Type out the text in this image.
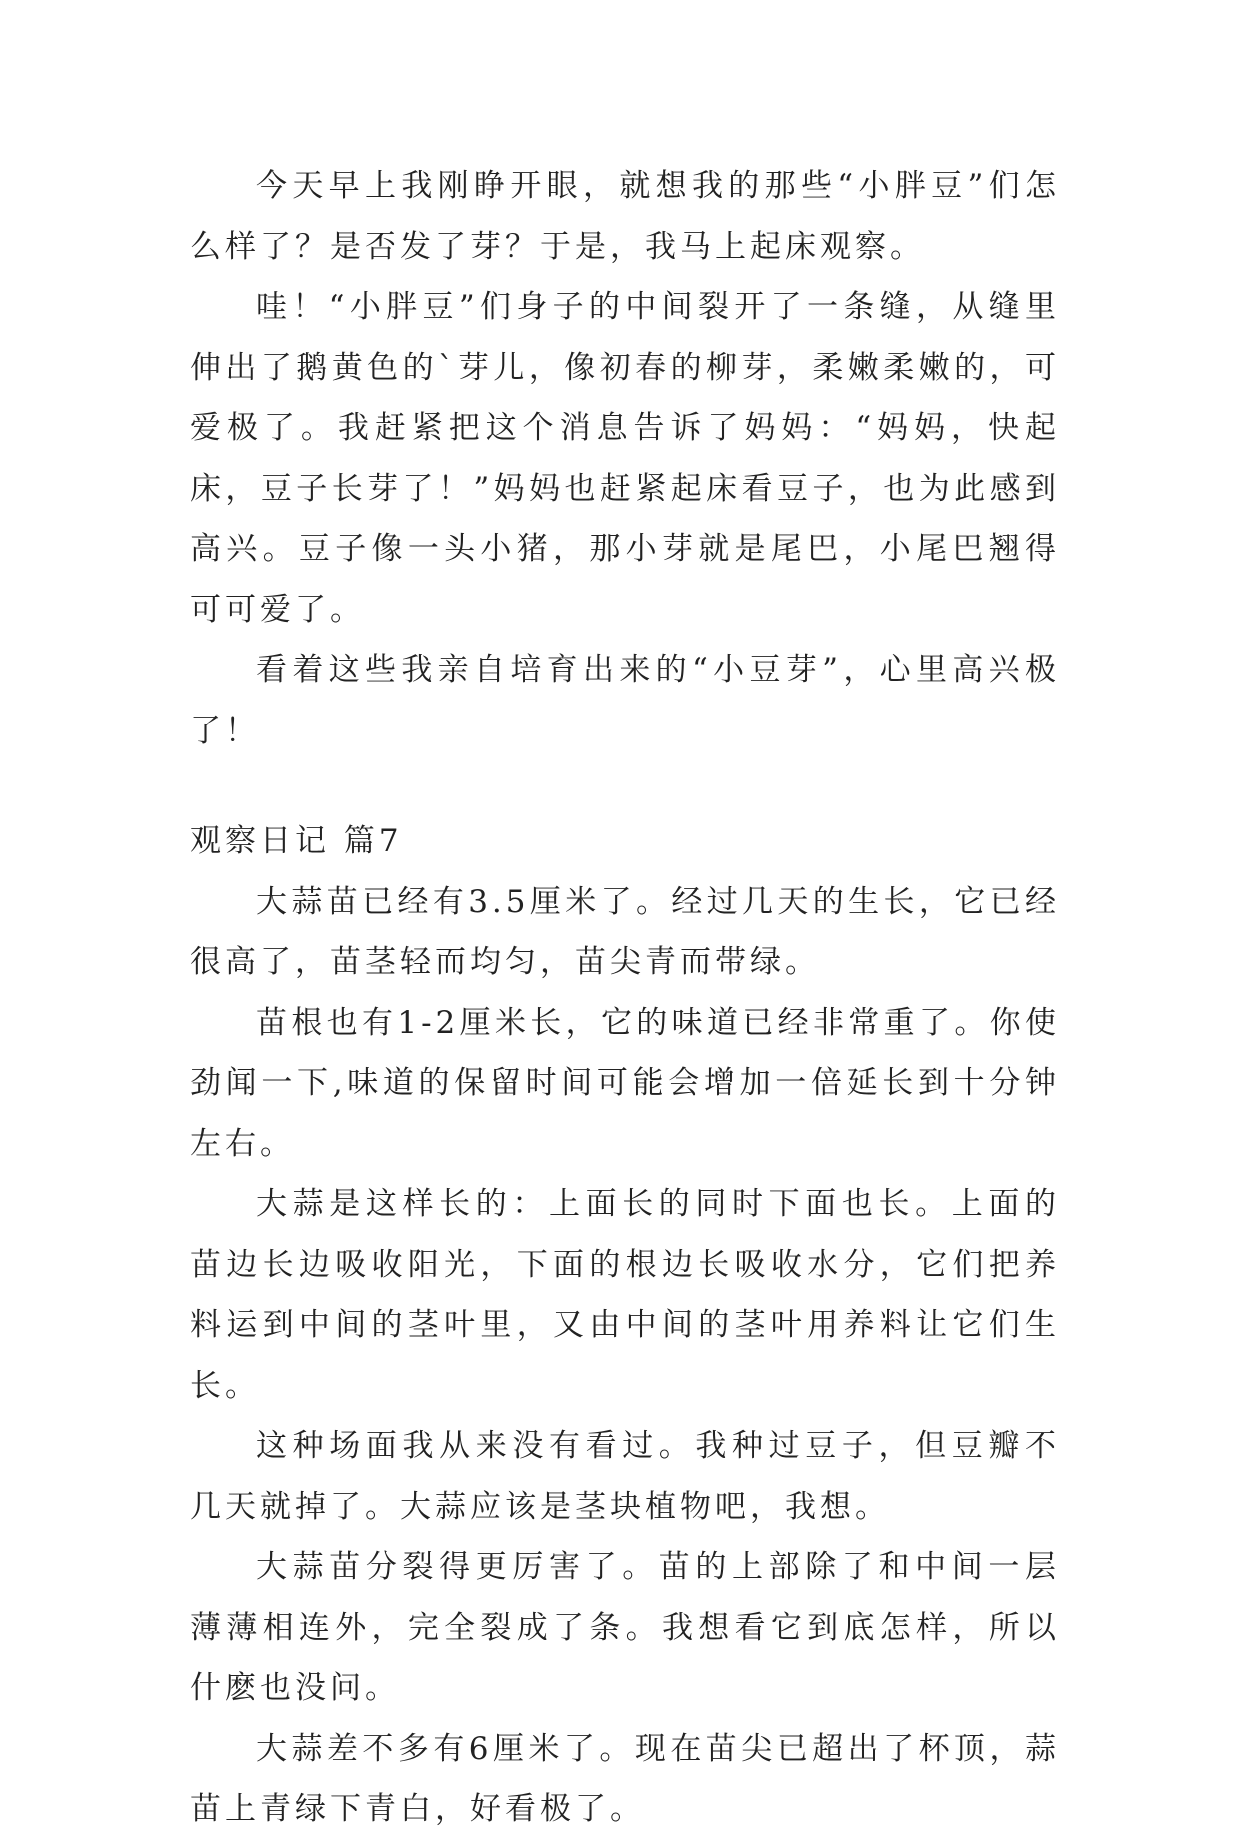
今天早上我刚睁开眼，就想我的那些“小胖豆”们怎么样了？是否发了芽？于是，我马上起床观察。

哇！“小胖豆”们身子的中间裂开了一条缝，从缝里伸出了鹅黄色的`芽儿，像初春的柳芽，柔嫩柔嫩的，可爱极了。我赶紧把这个消息告诉了妈妈：“妈妈，快起床，豆子长芽了！”妈妈也赶紧起床看豆子，也为此感到高兴。豆子像一头小猪，那小芽就是尾巴，小尾巴翘得可可爱了。

看着这些我亲自培育出来的“小豆芽”，心里高兴极了！

观察日记 篇7

大蒜苗已经有3.5厘米了。经过几天的生长，它已经很高了，苗茎轻而均匀，苗尖青而带绿。

苗根也有1-2厘米长，它的味道已经非常重了。你使劲闻一下,味道的保留时间可能会增加一倍延长到十分钟左右。

大蒜是这样长的：上面长的同时下面也长。上面的苗边长边吸收阳光，下面的根边长吸收水分，它们把养料运到中间的茎叶里，又由中间的茎叶用养料让它们生长。

这种场面我从来没有看过。我种过豆子，但豆瓣不几天就掉了。大蒜应该是茎块植物吧，我想。

大蒜苗分裂得更厉害了。苗的上部除了和中间一层薄薄相连外，完全裂成了条。我想看它到底怎样，所以什麽也没问。

大蒜差不多有6厘米了。现在苗尖已超出了杯顶，蒜苗上青绿下青白，好看极了。
